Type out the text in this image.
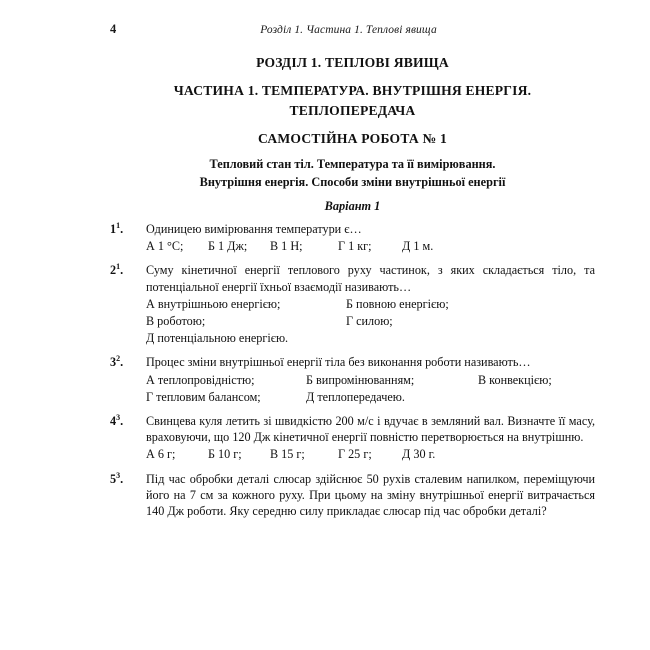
4	Розділ 1. Частина 1. Теплові явища
РОЗДІЛ 1. ТЕПЛОВІ ЯВИЩА
ЧАСТИНА 1. ТЕМПЕРАТУРА. ВНУТРІШНЯ ЕНЕРГІЯ.
ТЕПЛОПЕРЕДАЧА
САМОСТІЙНА РОБОТА № 1
Тепловий стан тіл. Температура та її вимірювання.
Внутрішня енергія. Способи зміни внутрішньої енергії
Варіант 1
$1^1$.	Одиницею вимірювання температури є…
А 1 °C;	Б 1 Дж;	В 1 Н;	Г 1 кг;	Д 1 м.
$2^1$.	Суму кінетичної енергії теплового руху частинок, з яких складається тіло, та потенціальної енергії їхньої взаємодії називають…
А внутрішньою енергією;	Б повною енергією;
В роботою;	Г силою;
Д потенціальною енергією.
$3^2$.	Процес зміни внутрішньої енергії тіла без виконання роботи називають…
А теплопровідністю;	Б випромінюванням;	В конвекцією;
Г тепловим балансом;	Д теплопередачею.
$4^3$.	Свинцева куля летить зі швидкістю 200 м/с і вдучає в земляний вал. Визначте її масу, враховуючи, що 120 Дж кінетичної енергії повністю перетворюється на внутрішню.
А 6 г;	Б 10 г;	В 15 г;	Г 25 г;	Д 30 г.
$5^3$.	Під час обробки деталі слюсар здійснює 50 рухів сталевим напилком, переміщуючи його на 7 см за кожного руху. При цьому на зміну внутрішньої енергії витрачається 140 Дж роботи. Яку середню силу прикладає слюсар під час обробки деталі?
